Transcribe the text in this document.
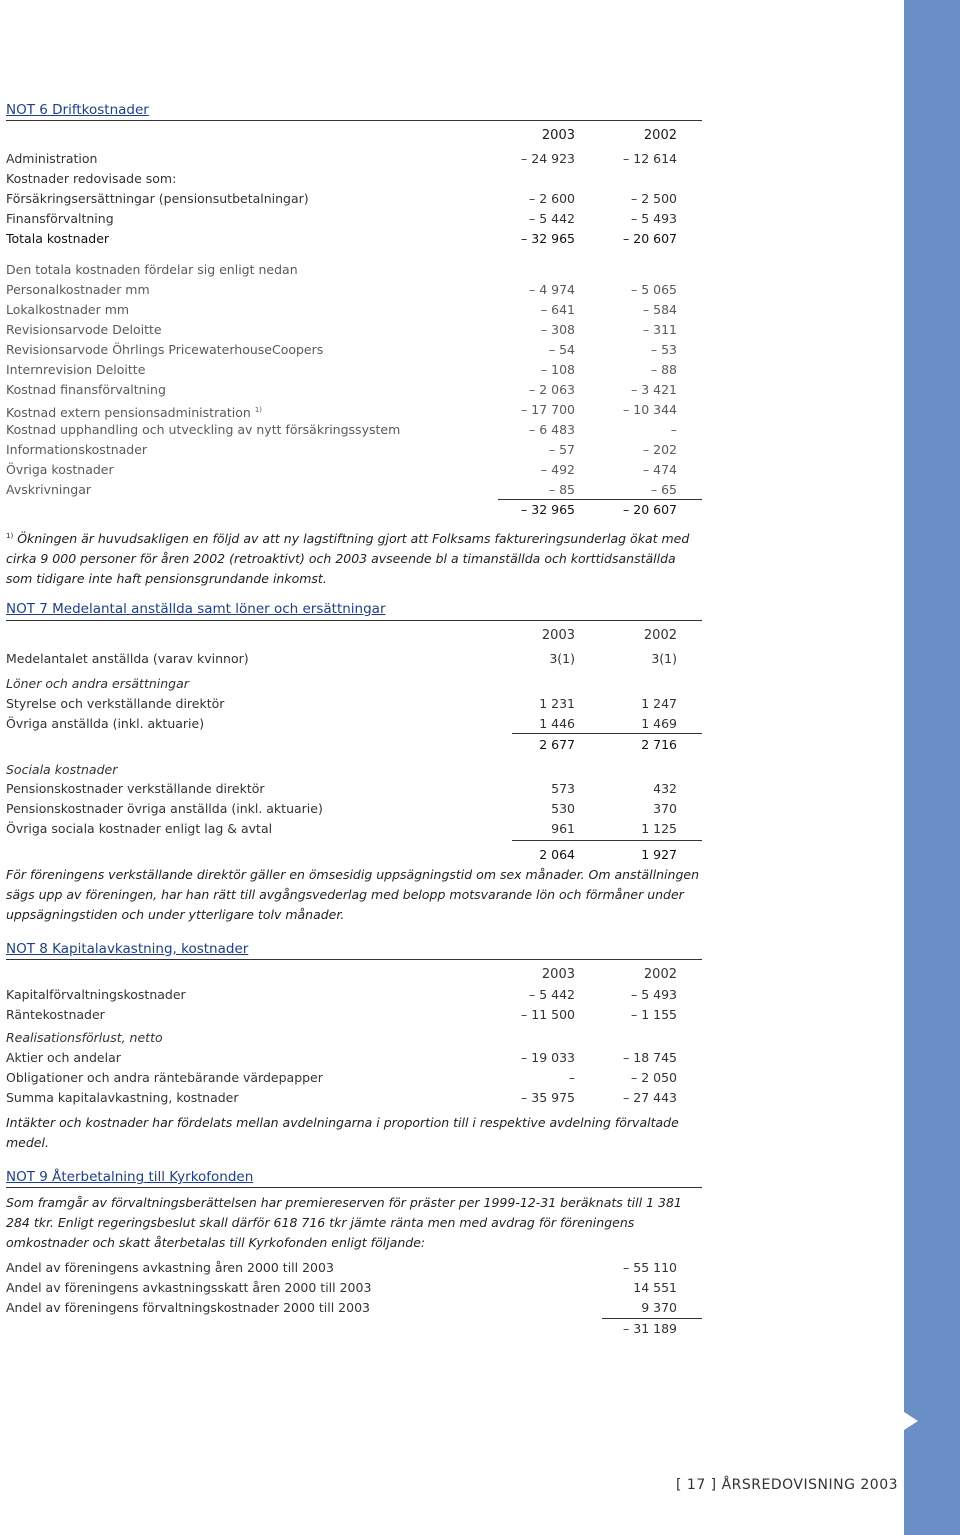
[ 17 ] ÅRSREDOVISNING 2003
NOT 6 Driftkostnader
2003	2002
Administration	– 24 923	– 12 614
Kostnader redovisade som:
Försäkringsersättningar (pensionsutbetalningar)	– 2 600	– 2 500
Finansförvaltning	– 5 442	– 5 493
Totala kostnader	– 32 965	– 20 607
Den totala kostnaden fördelar sig enligt nedan
Personalkostnader mm	– 4 974	– 5 065
Lokalkostnader mm	– 641	– 584
Revisionsarvode Deloitte	– 308	– 311
Revisionsarvode Öhrlings PricewaterhouseCoopers	– 54	– 53
Internrevision Deloitte	– 108	– 88
Kostnad finansförvaltning	– 2 063	– 3 421
Kostnad extern pensionsadministration $^{1)}$	– 17 700	– 10 344
Kostnad upphandling och utveckling av nytt försäkringssystem	– 6 483	–
Informationskostnader	– 57	– 202
Övriga kostnader	– 492	– 474
Avskrivningar	– 85	– 65
– 32 965	– 20 607
$^{1)}$ Ökningen är huvudsakligen en följd av att ny lagstiftning gjort att Folksams faktureringsunderlag ökat med cirka 9 000 personer för åren 2002 (retroaktivt) och 2003 avseende bl a timanställda och korttidsanställda som tidigare inte haft pensionsgrundande inkomst.
NOT 7 Medelantal anställda samt löner och ersättningar
2003	2002
Medelantalet anställda (varav kvinnor)	3(1)	3(1)
Löner och andra ersättningar
Styrelse och verkställande direktör	1 231	1 247
Övriga anställda (inkl. aktuarie)	1 446	1 469
2 677	2 716
Sociala kostnader
Pensionskostnader verkställande direktör	573	432
Pensionskostnader övriga anställda (inkl. aktuarie)	530	370
Övriga sociala kostnader enligt lag & avtal	961	1 125
2 064	1 927
För föreningens verkställande direktör gäller en ömsesidig uppsägningstid om sex månader. Om anställningen sägs upp av föreningen, har han rätt till avgångsvederlag med belopp motsvarande lön och förmåner under uppsägningstiden och under ytterligare tolv månader.
NOT 8 Kapitalavkastning, kostnader
2003	2002
Kapitalförvaltningskostnader	– 5 442	– 5 493
Räntekostnader	– 11 500	– 1 155
Realisationsförlust, netto
Aktier och andelar	– 19 033	– 18 745
Obligationer och andra räntebärande värdepapper	–	– 2 050
Summa kapitalavkastning, kostnader	– 35 975	– 27 443
Intäkter och kostnader har fördelats mellan avdelningarna i proportion till i respektive avdelning förvaltade medel.
NOT 9 Återbetalning till Kyrkofonden
Som framgår av förvaltningsberättelsen har premiereserven för präster per 1999-12-31 beräknats till 1 381 284 tkr. Enligt regeringsbeslut skall därför 618 716 tkr jämte ränta men med avdrag för föreningens omkostnader och skatt återbetalas till Kyrkofonden enligt följande:
Andel av föreningens avkastning åren 2000 till 2003	– 55 110
Andel av föreningens avkastningsskatt åren 2000 till 2003	14 551
Andel av föreningens förvaltningskostnader 2000 till 2003	9 370
– 31 189
